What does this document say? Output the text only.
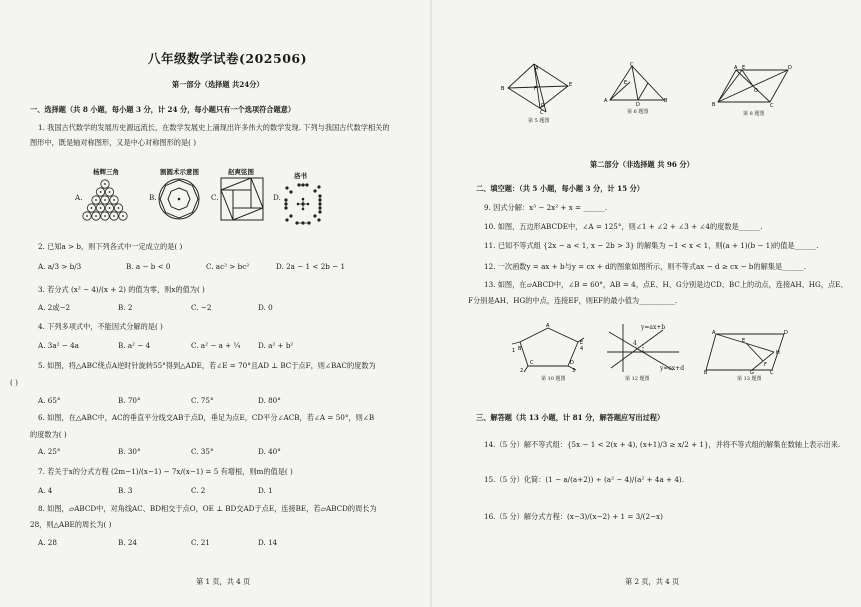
八年级数学试卷(202506)
第一部分（选择题 共24分）
一、选择题（共 8 小题，每小题 3 分，计 24 分，每小题只有一个选项符合题意）
1. 我国古代数学的发展历史源远流长，在数学发展史上涌现出许多伟大的数学发现. 下列与我国古代数学相关的
图形中，既是轴对称图形，又是中心对称图形的是( )
杨辉三角	割圆术示意图	赵爽弦图	洛书
A.	B.	C.	D.
2. 已知a > b，则下列各式中一定成立的是( )
A. a/3 > b/3	B. a − b < 0	C. ac² > bc²	D. 2a − 1 < 2b − 1
3. 若分式 (x² − 4)/(x + 2) 的值为零，则x的值为( )
A. 2或−2	B. 2	C. −2	D. 0
4. 下列多项式中，不能因式分解的是( )
A. 3a² − 4a	B. a² − 4	C. a² − a + ¼ D. a² + b²
5. 如图，将△ABC绕点A逆时针旋转55°得到△ADE，若∠E = 70°且AD ⊥ BC于点F，则∠BAC的度数为
( )
A. 65°	B. 70°	C. 75°	D. 80°
6. 如图，在△ABC中，AC的垂直平分线交AB于点D，垂足为点E，CD平分∠ACB，若∠A = 50°，则∠B
的度数为( )
A. 25°	B. 30°	C. 35°	D. 40°
7. 若关于x的分式方程 (2m−1)/(x−1) − 7x/(x−1) = 5 有增根，则m的值是( )
A. 4	B. 3	C. 2	D. 1
8. 如图，▱ABCD中，对角线AC、BD相交于点O，OE ⊥ BD交AD于点E，连接BE，若▱ABCD的周长为
28，则△ABE的周长为( )
A. 28	B. 24	C. 21	D. 14
第 1 页，共 4 页
A
B
E
C
F
D
第 5 题图
C
A	B
D
E
第 6 题图
A E	D
B	C
O
第 8 题图
第二部分（非选择题 共 96 分）
二、填空题：（共 5 小题，每小题 3 分，计 15 分）
9. 因式分解：x³ − 2x² + x = ______.
10. 如图，五边形ABCDE中，∠A = 125°，则∠1 + ∠2 + ∠3 + ∠4的度数是______.
11. 已知不等式组 {2x − a < 1, x − 2b > 3} 的解集为 −1 < x < 1，则(a + 1)(b − 1)的值是______.
12. 一次函数y = ax + b与y = cx + d的图象如图所示，则不等式ax − d ≥ cx − b的解集是______.
13. 如图，在▱ABCD中，∠B = 60°，AB = 4，点E、H、G分别是边CD、BC上的动点，连接AH、HG，点E、
F分别是AH、HG的中点，连接EF，则EF的最小值为__________.
A
E
D
C
B
1
2	3
4
第 10 题图
y=ax+b
y=cx+d
4
第 12 题图
A	D
B	C
H
E
F
G
第 13 题图
三、解答题（共 13 小题，计 81 分，解答题应写出过程）
14.（5 分）解不等式组：{5x − 1 < 2(x + 4), (x+1)/3 ≥ x/2 + 1}，并将不等式组的解集在数轴上表示出来.
15.（5 分）化简：(1 − a/(a+2)) ÷ (a² − 4)/(a² + 4a + 4).
16.（5 分）解分式方程：(x−3)/(x−2) + 1 = 3/(2−x)
第 2 页，共 4 页
